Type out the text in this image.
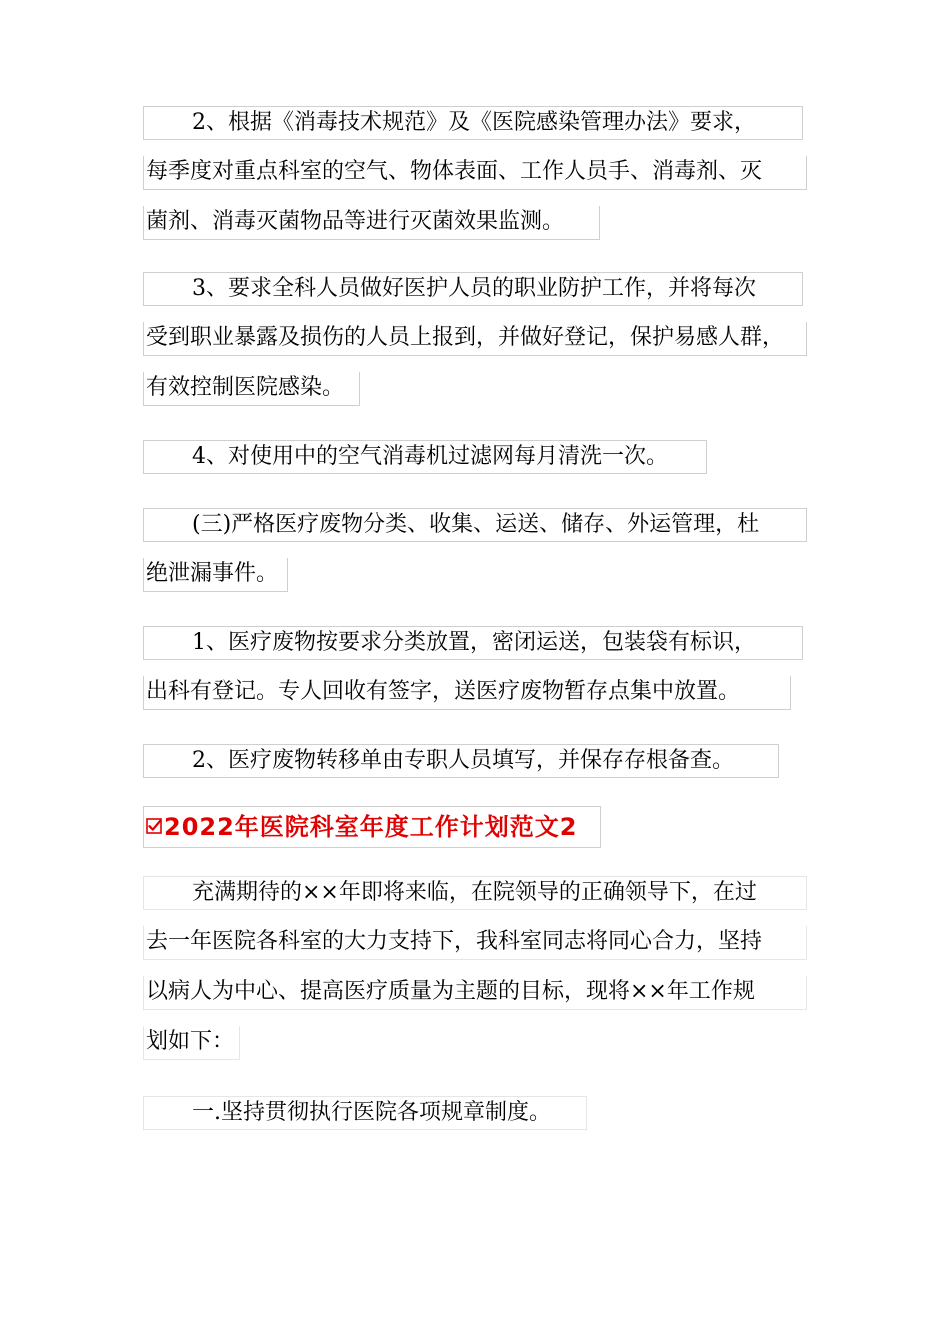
2、根据《消毒技术规范》及《医院感染管理办法》要求，
每季度对重点科室的空气、物体表面、工作人员手、消毒剂、灭
菌剂、消毒灭菌物品等进行灭菌效果监测。
3、要求全科人员做好医护人员的职业防护工作，并将每次
受到职业暴露及损伤的人员上报到，并做好登记，保护易感人群，
有效控制医院感染。
4、对使用中的空气消毒机过滤网每月清洗一次。
(三)严格医疗废物分类、收集、运送、储存、外运管理，杜
绝泄漏事件。
1、医疗废物按要求分类放置，密闭运送，包装袋有标识，
出科有登记。专人回收有签字，送医疗废物暂存点集中放置。
2、医疗废物转移单由专职人员填写，并保存存根备查。
2022年医院科室年度工作计划范文2
充满期待的××年即将来临，在院领导的正确领导下，在过
去一年医院各科室的大力支持下，我科室同志将同心合力，坚持
以病人为中心、提高医疗质量为主题的目标，现将××年工作规
划如下：
一.坚持贯彻执行医院各项规章制度。
